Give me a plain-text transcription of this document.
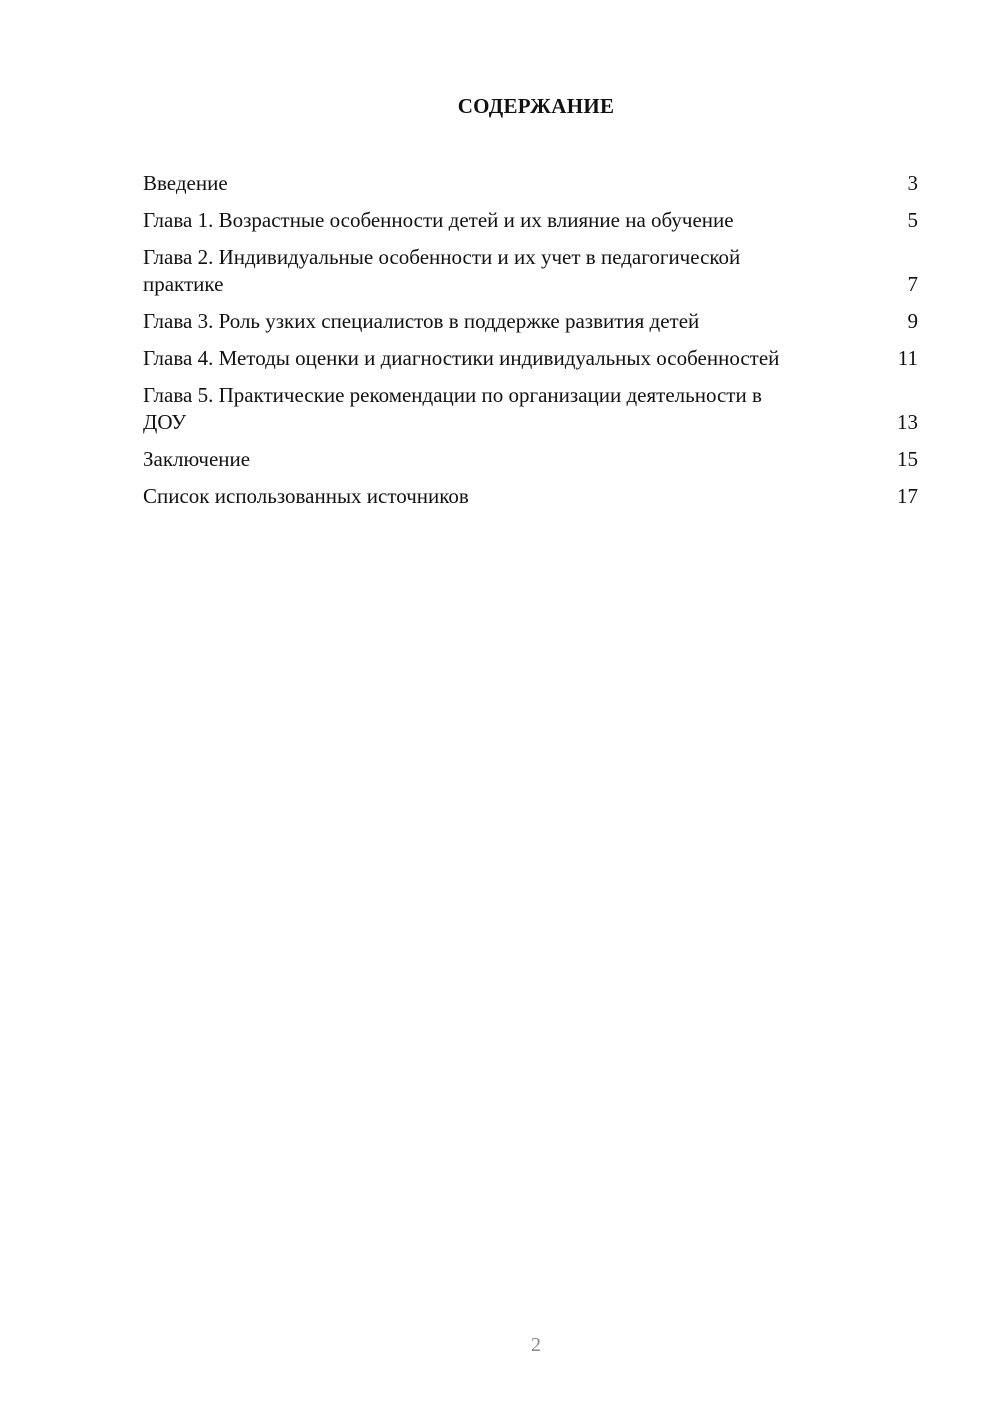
СОДЕРЖАНИЕ
Введение	3
Глава 1. Возрастные особенности детей и их влияние на обучение	5
Глава 2. Индивидуальные особенности и их учет в педагогической практике	7
Глава 3. Роль узких специалистов в поддержке развития детей	9
Глава 4. Методы оценки и диагностики индивидуальных особенностей	11
Глава 5. Практические рекомендации по организации деятельности в ДОУ	13
Заключение	15
Список использованных источников	17
2
